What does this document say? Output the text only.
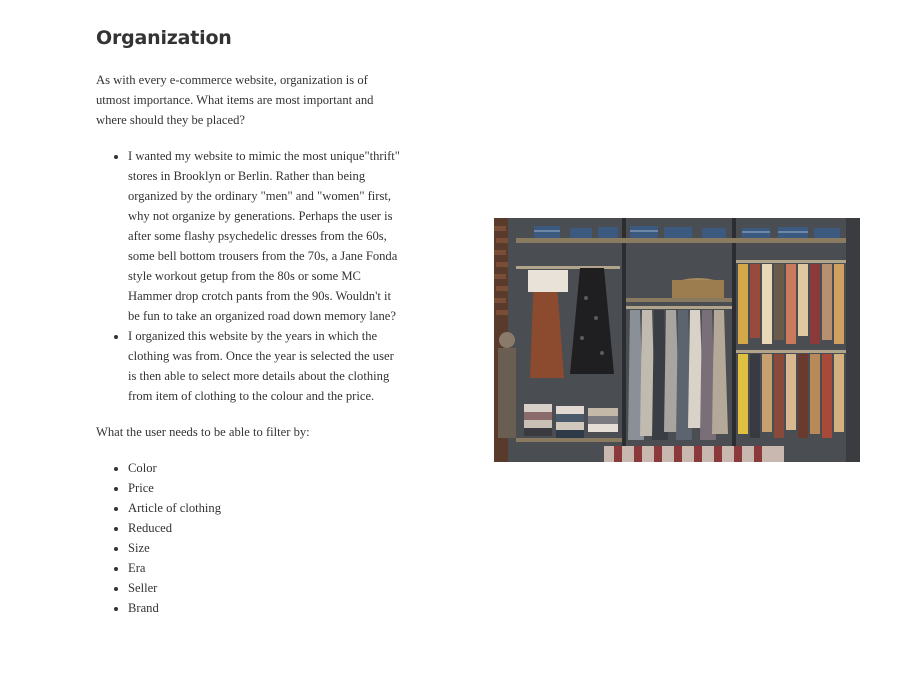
Organization

As with every e-commerce website, organization is of utmost importance. What items are most important and where should they be placed?

• I wanted my website to mimic the most unique"thrift" stores in Brooklyn or Berlin. Rather than being organized by the ordinary "men" and "women" first, why not organize by generations. Perhaps the user is after some flashy psychedelic dresses from the 60s, some bell bottom trousers from the 70s, a Jane Fonda style workout getup from the 80s or some MC Hammer drop crotch pants from the 90s. Wouldn't it be fun to take an organized road down memory lane?
• I organized this website by the years in which the clothing was from. Once the year is selected the user is then able to select more details about the clothing from item of clothing to the colour and the price.

What the user needs to be able to filter by:

• Color
• Price
• Article of clothing
• Reduced
• Size
• Era
• Seller
• Brand
